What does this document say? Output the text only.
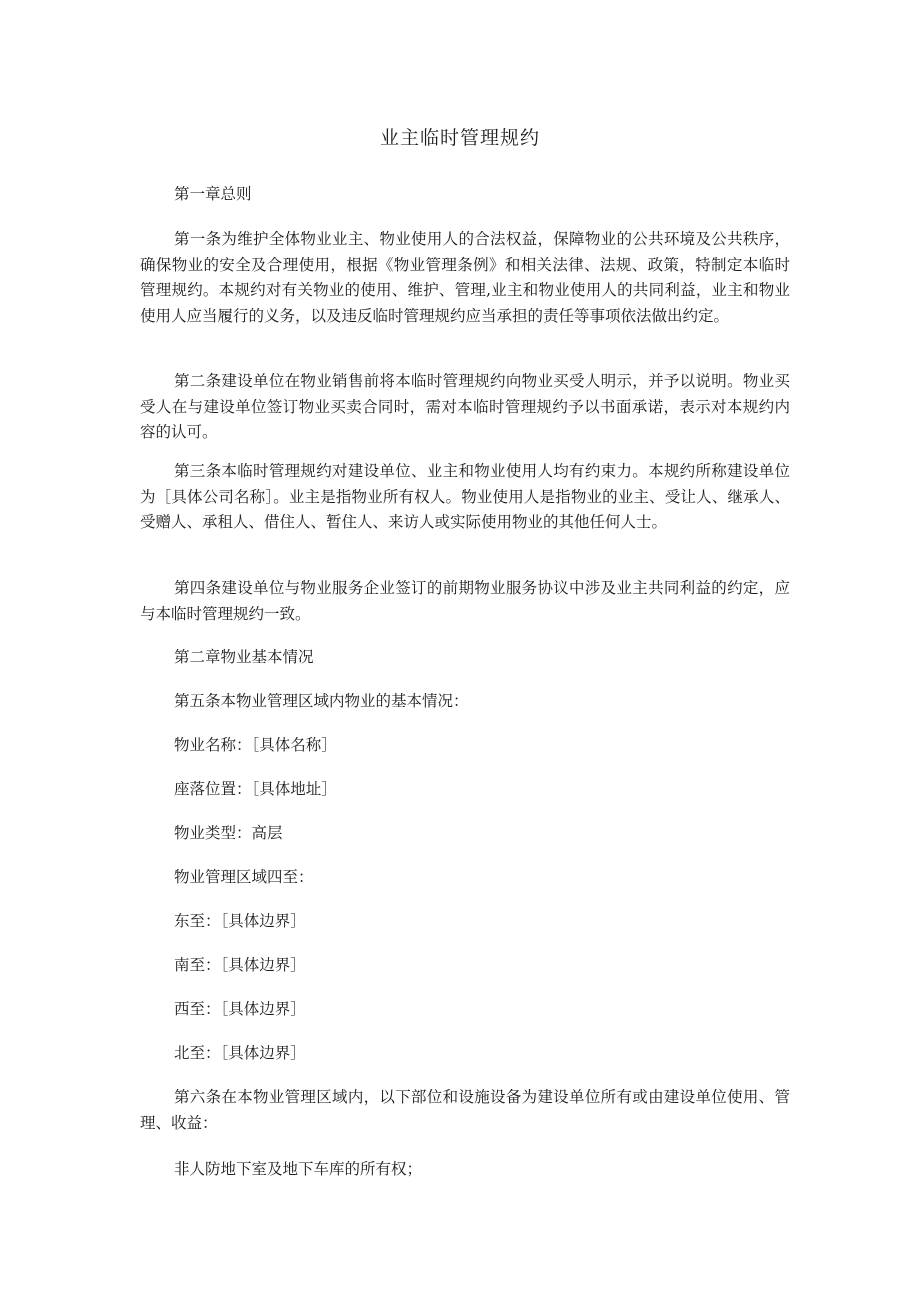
业主临时管理规约

第一章总则

第一条为维护全体物业业主、物业使用人的合法权益，保障物业的公共环境及公共秩序，确保物业的安全及合理使用，根据《物业管理条例》和相关法律、法规、政策，特制定本临时管理规约。本规约对有关物业的使用、维护、管理,业主和物业使用人的共同利益，业主和物业使用人应当履行的义务，以及违反临时管理规约应当承担的责任等事项依法做出约定。

第二条建设单位在物业销售前将本临时管理规约向物业买受人明示，并予以说明。物业买受人在与建设单位签订物业买卖合同时，需对本临时管理规约予以书面承诺，表示对本规约内容的认可。

第三条本临时管理规约对建设单位、业主和物业使用人均有约束力。本规约所称建设单位为［具体公司名称］。业主是指物业所有权人。物业使用人是指物业的业主、受让人、继承人、受赠人、承租人、借住人、暂住人、来访人或实际使用物业的其他任何人士。

第四条建设单位与物业服务企业签订的前期物业服务协议中涉及业主共同利益的约定，应与本临时管理规约一致。

第二章物业基本情况

第五条本物业管理区域内物业的基本情况：

物业名称：［具体名称］

座落位置：［具体地址］

物业类型：高层

物业管理区域四至：

东至：［具体边界］

南至：［具体边界］

西至：［具体边界］

北至：［具体边界］

第六条在本物业管理区域内，以下部位和设施设备为建设单位所有或由建设单位使用、管理、收益：

非人防地下室及地下车库的所有权；
